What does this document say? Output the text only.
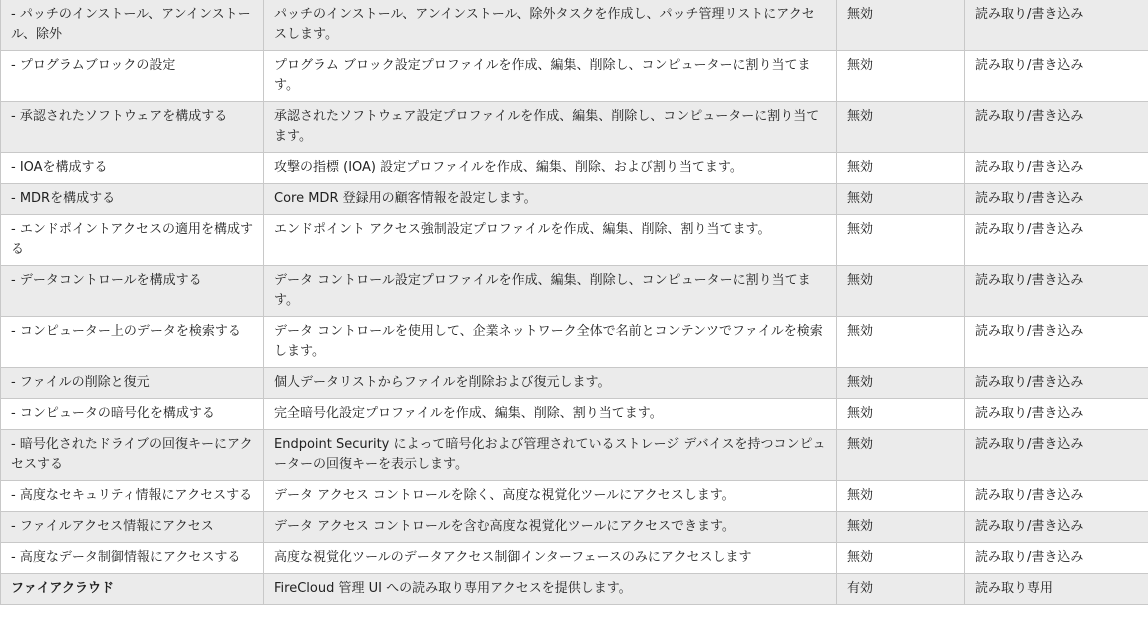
- パッチのインストール、アンインストール、除外	パッチのインストール、アンインストール、除外タスクを作成し、パッチ管理リストにアクセスします。	無効	読み取り/書き込み
- プログラムブロックの設定	プログラム ブロック設定プロファイルを作成、編集、削除し、コンピューターに割り当てます。	無効	読み取り/書き込み
- 承認されたソフトウェアを構成する	承認されたソフトウェア設定プロファイルを作成、編集、削除し、コンピューターに割り当てます。	無効	読み取り/書き込み
- IOAを構成する	攻撃の指標 (IOA) 設定プロファイルを作成、編集、削除、および割り当てます。	無効	読み取り/書き込み
- MDRを構成する	Core MDR 登録用の顧客情報を設定します。	無効	読み取り/書き込み
- エンドポイントアクセスの適用を構成する	エンドポイント アクセス強制設定プロファイルを作成、編集、削除、割り当てます。	無効	読み取り/書き込み
- データコントロールを構成する	データ コントロール設定プロファイルを作成、編集、削除し、コンピューターに割り当てます。	無効	読み取り/書き込み
- コンピューター上のデータを検索する	データ コントロールを使用して、企業ネットワーク全体で名前とコンテンツでファイルを検索します。	無効	読み取り/書き込み
- ファイルの削除と復元	個人データリストからファイルを削除および復元します。	無効	読み取り/書き込み
- コンピュータの暗号化を構成する	完全暗号化設定プロファイルを作成、編集、削除、割り当てます。	無効	読み取り/書き込み
- 暗号化されたドライブの回復キーにアクセスする	Endpoint Security によって暗号化および管理されているストレージ デバイスを持つコンピューターの回復キーを表示します。	無効	読み取り/書き込み
- 高度なセキュリティ情報にアクセスする	データ アクセス コントロールを除く、高度な視覚化ツールにアクセスします。	無効	読み取り/書き込み
- ファイルアクセス情報にアクセス	データ アクセス コントロールを含む高度な視覚化ツールにアクセスできます。	無効	読み取り/書き込み
- 高度なデータ制御情報にアクセスする	高度な視覚化ツールのデータアクセス制御インターフェースのみにアクセスします	無効	読み取り/書き込み
ファイアクラウド	FireCloud 管理 UI への読み取り専用アクセスを提供します。	有効	読み取り専用
